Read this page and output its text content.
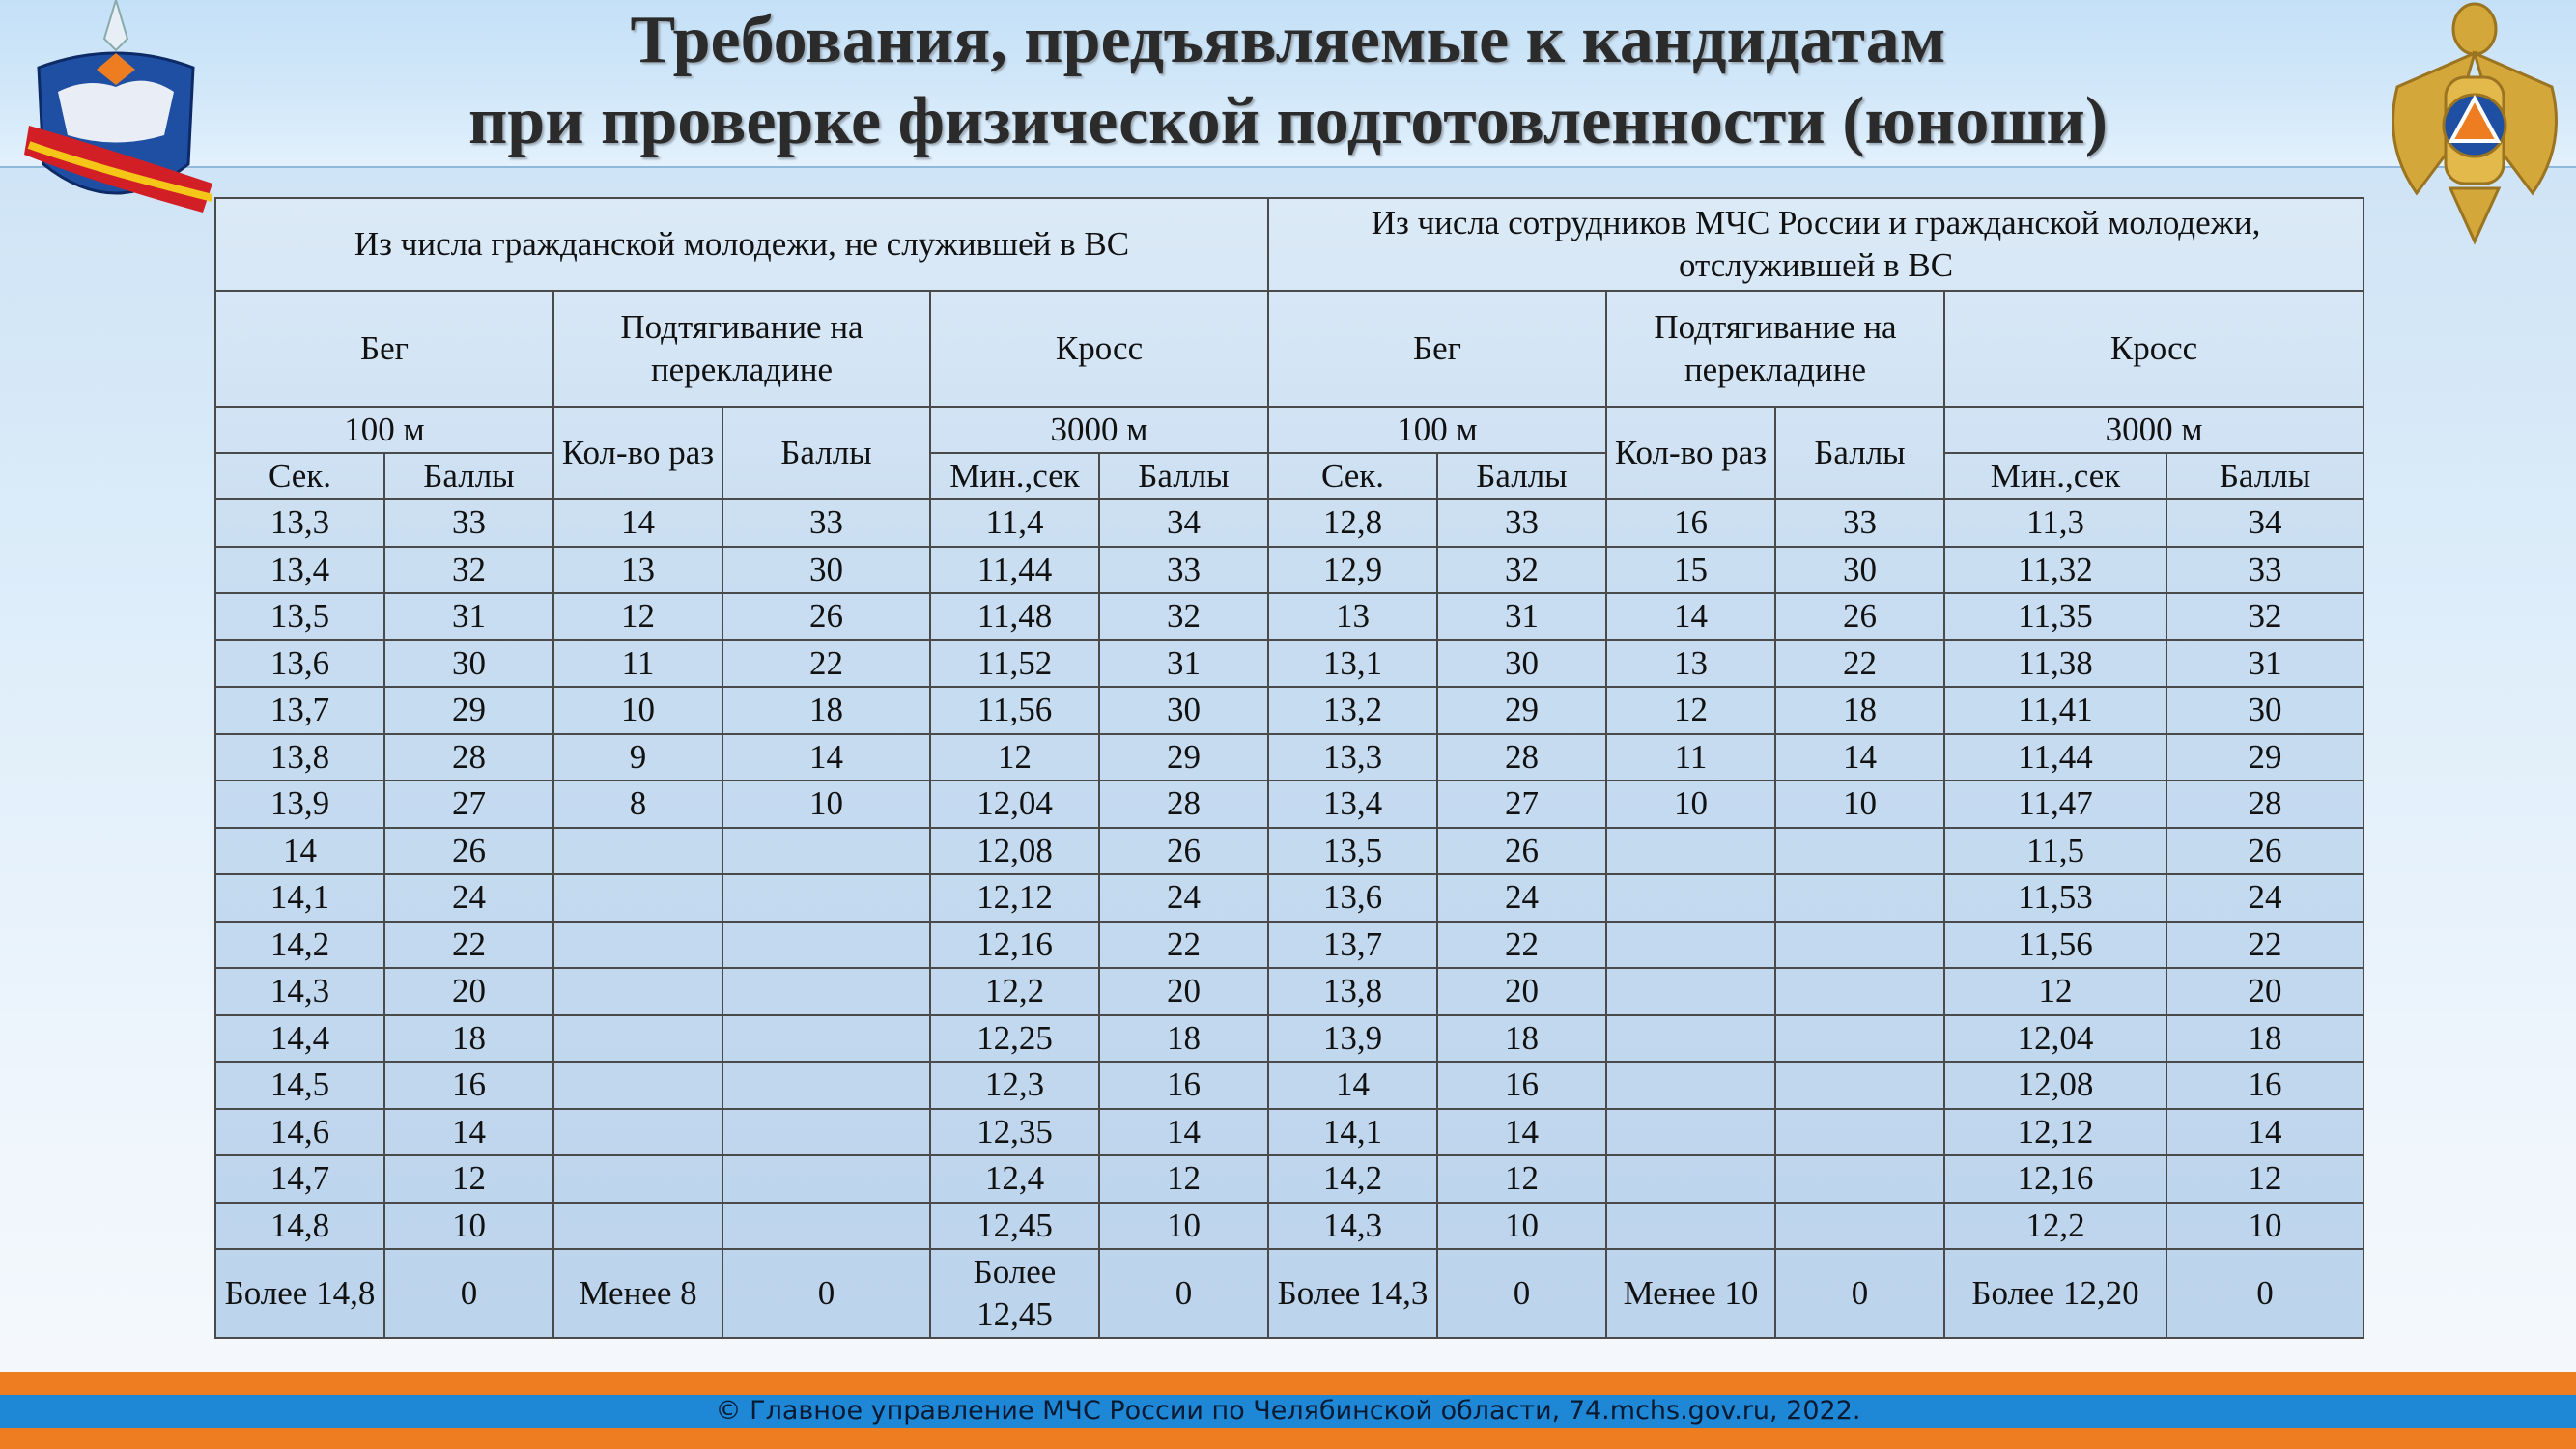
Требования, предъявляемые к кандидатам
при проверке физической подготовленности (юноши)
Из числа гражданской молодежи, не служившей в ВС						Из числа сотрудников МЧС России и гражданской молодежи, отслужившей в ВС					
Бег		Подтягивание на перекладине		Кросс		Бег		Подтягивание на перекладине		Кросс	
100 м		Кол-во раз	Баллы	3000 м		100 м		Кол-во раз	Баллы	3000 м	
Сек.	Баллы			Мин.,сек	Баллы	Сек.	Баллы			Мин.,сек	Баллы
13,3	33	14	33	11,4	34	12,8	33	16	33	11,3	34
13,4	32	13	30	11,44	33	12,9	32	15	30	11,32	33
13,5	31	12	26	11,48	32	13	31	14	26	11,35	32
13,6	30	11	22	11,52	31	13,1	30	13	22	11,38	31
13,7	29	10	18	11,56	30	13,2	29	12	18	11,41	30
13,8	28	9	14	12	29	13,3	28	11	14	11,44	29
13,9	27	8	10	12,04	28	13,4	27	10	10	11,47	28
14	26			12,08	26	13,5	26			11,5	26
14,1	24			12,12	24	13,6	24			11,53	24
14,2	22			12,16	22	13,7	22			11,56	22
14,3	20			12,2	20	13,8	20			12	20
14,4	18			12,25	18	13,9	18			12,04	18
14,5	16			12,3	16	14	16			12,08	16
14,6	14			12,35	14	14,1	14			12,12	14
14,7	12			12,4	12	14,2	12			12,16	12
14,8	10			12,45	10	14,3	10			12,2	10
Более 14,8	0	Менее 8	0	Более 12,45	0	Более 14,3	0	Менее 10	0	Более 12,20	0
© Главное управление МЧС России по Челябинской области, 74.mchs.gov.ru, 2022.
